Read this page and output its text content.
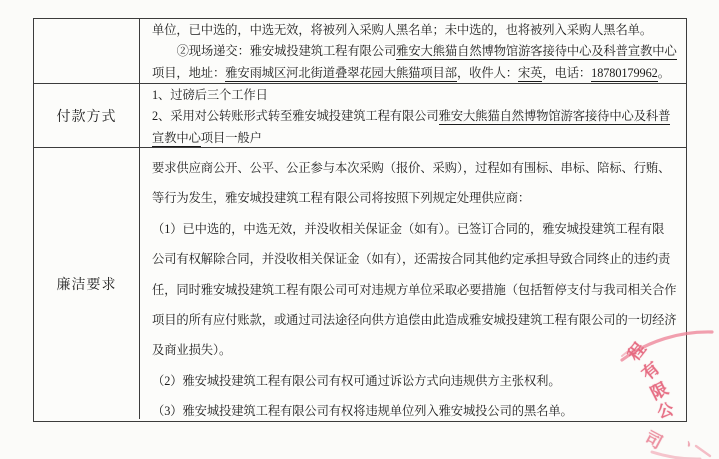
单位，已中选的，中选无效，将被列入采购人黑名单；未中选的，也将被列入采购人黑名单。
②现场递交：雅安城投建筑工程有限公司雅安大熊猫自然博物馆游客接待中心及科普宣教中心
项目，地址：雅安雨城区河北街道叠翠花园大熊猫项目部，收件人：宋英，电话：18780179962。
付款方式
1、过磅后三个工作日
2、采用对公转账形式转至雅安城投建筑工程有限公司雅安大熊猫自然博物馆游客接待中心及科普
宣教中心项目一般户
廉洁要求
要求供应商公开、公平、公正参与本次采购（报价、采购），过程如有围标、串标、陪标、行贿、
等行为发生，雅安城投建筑工程有限公司将按照下列规定处理供应商：
（1）已中选的，中选无效，并没收相关保证金（如有）。已签订合同的，雅安城投建筑工程有限
公司有权解除合同，并没收相关保证金（如有），还需按合同其他约定承担导致合同终止的违约责
任，同时雅安城投建筑工程有限公司可对违规方单位采取必要措施（包括暂停支付与我司相关合作
项目的所有应付账款，或通过司法途径向供方追偿由此造成雅安城投建筑工程有限公司的一切经济
及商业损失）。
（2）雅安城投建筑工程有限公司有权可通过诉讼方式向违规供方主张权利。
（3）雅安城投建筑工程有限公司有权将违规单位列入雅安城投公司的黑名单。
程
有
限
公
司 、
